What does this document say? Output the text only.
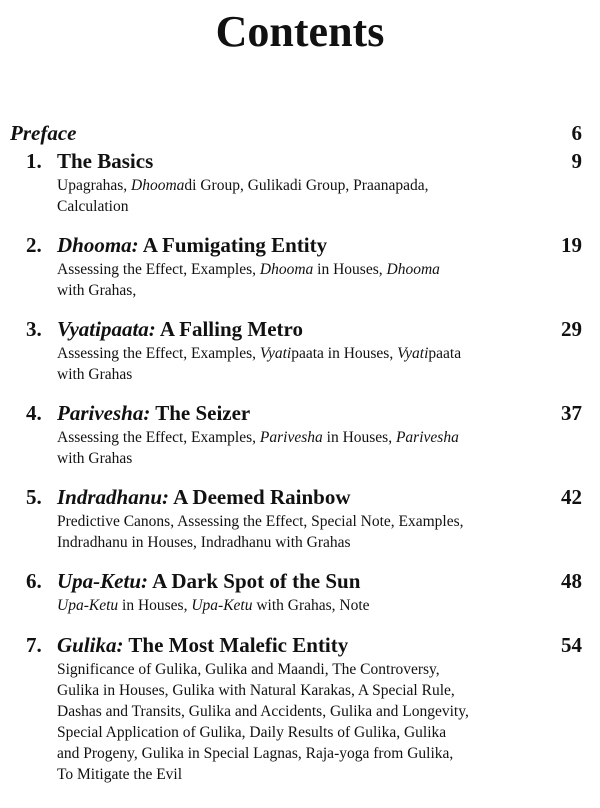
Contents
Preface	6
1. The Basics	9
Upagrahas, Dhoomadi Group, Gulikadi Group, Praanapada,
Calculation
2. Dhooma: A Fumigating Entity	19
Assessing the Effect, Examples, Dhooma in Houses, Dhooma
with Grahas,
3. Vyatipaata: A Falling Metro	29
Assessing the Effect, Examples, Vyatipaata in Houses, Vyatipaata
with Grahas
4. Parivesha: The Seizer	37
Assessing the Effect, Examples, Parivesha in Houses, Parivesha
with Grahas
5. Indradhanu: A Deemed Rainbow	42
Predictive Canons, Assessing the Effect, Special Note, Examples,
Indradhanu in Houses, Indradhanu with Grahas
6. Upa-Ketu: A Dark Spot of the Sun	48
Upa-Ketu in Houses, Upa-Ketu with Grahas, Note
7. Gulika: The Most Malefic Entity	54
Significance of Gulika, Gulika and Maandi, The Controversy,
Gulika in Houses, Gulika with Natural Karakas, A Special Rule,
Dashas and Transits, Gulika and Accidents, Gulika and Longevity,
Special Application of Gulika, Daily Results of Gulika, Gulika
and Progeny, Gulika in Special Lagnas, Raja-yoga from Gulika,
To Mitigate the Evil
